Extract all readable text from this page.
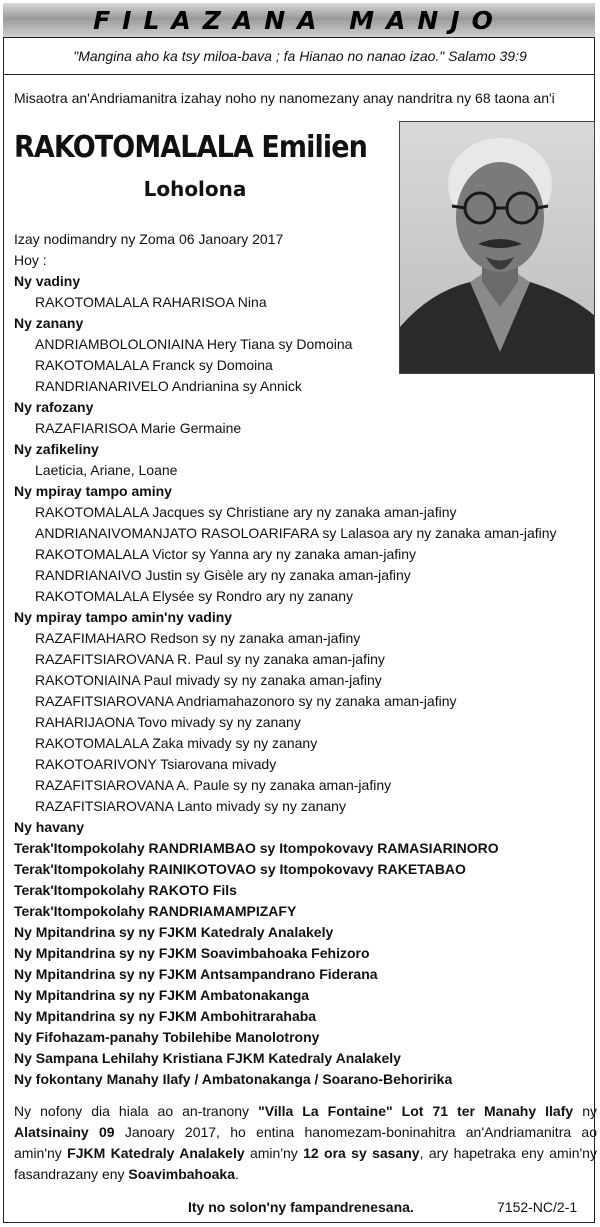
FILAZANA MANJO
"Mangina aho ka tsy miloa-bava ; fa Hianao no nanao izao." Salamo 39:9
Misaotra an'Andriamanitra izahay noho ny nanomezany anay nandritra ny 68 taona an'i
RAKOTOMALALA Emilien
Loholona
Izay nodimandry ny Zoma 06 Janoary 2017
Hoy :
Ny vadiny
RAKOTOMALALA RAHARISOA Nina
Ny zanany
ANDRIAMBOLOLONIAINA Hery Tiana sy Domoina
RAKOTOMALALA Franck sy Domoina
RANDRIANARIVELO Andrianina sy Annick
Ny rafozany
RAZAFIARISOA Marie Germaine
Ny zafikeliny
Laeticia, Ariane, Loane
Ny mpiray tampo aminy
RAKOTOMALALA Jacques sy Christiane ary ny zanaka aman-jafiny
ANDRIANAIVOMANJATO RASOLOARIFARA sy Lalasoa ary ny zanaka aman-jafiny
RAKOTOMALALA Victor sy Yanna ary ny zanaka aman-jafiny
RANDRIANAIVO Justin sy Gisèle ary ny zanaka aman-jafiny
RAKOTOMALALA Elysée sy Rondro ary ny zanany
Ny mpiray tampo amin'ny vadiny
RAZAFIMAHARO Redson sy ny zanaka aman-jafiny
RAZAFITSIAROVANA R. Paul sy ny zanaka aman-jafiny
RAKOTONIAINA Paul mivady sy ny zanaka aman-jafiny
RAZAFITSIAROVANA Andriamahazonoro sy ny zanaka aman-jafiny
RAHARIJAONA Tovo mivady sy ny zanany
RAKOTOMALALA Zaka mivady sy ny zanany
RAKOTOARIVONY Tsiarovana mivady
RAZAFITSIAROVANA A. Paule sy ny zanaka aman-jafiny
RAZAFITSIAROVANA Lanto mivady sy ny zanany
Ny havany
Terak'Itompokolahy RANDRIAMBAO sy Itompokovavy RAMASIARINORO
Terak'Itompokolahy RAINIKOTOVAO sy Itompokovavy RAKETABAO
Terak'Itompokolahy RAKOTO Fils
Terak'Itompokolahy RANDRIAMAMPIZAFY
Ny Mpitandrina sy ny FJKM Katedraly Analakely
Ny Mpitandrina sy ny FJKM Soavimbahoaka Fehizoro
Ny Mpitandrina sy ny FJKM Antsampandrano Fiderana
Ny Mpitandrina sy ny FJKM Ambatonakanga
Ny Mpitandrina sy ny FJKM Ambohitrarahaba
Ny Fifohazam-panahy Tobilehibe Manolotrony
Ny Sampana Lehilahy Kristiana FJKM Katedraly Analakely
Ny fokontany Manahy Ilafy / Ambatonakanga / Soarano-Behoririka
Ny nofony dia hiala ao an-tranony "Villa La Fontaine" Lot 71 ter Manahy Ilafy ny Alatsinainy 09 Janoary 2017, ho entina hanomezam-boninahitra an'Andriamanitra ao amin'ny FJKM Katedraly Analakely amin'ny 12 ora sy sasany, ary hapetraka eny amin'ny fasandrazany eny Soavimbahoaka.
Ity no solon'ny fampandrenesana.	7152-NC/2-1
